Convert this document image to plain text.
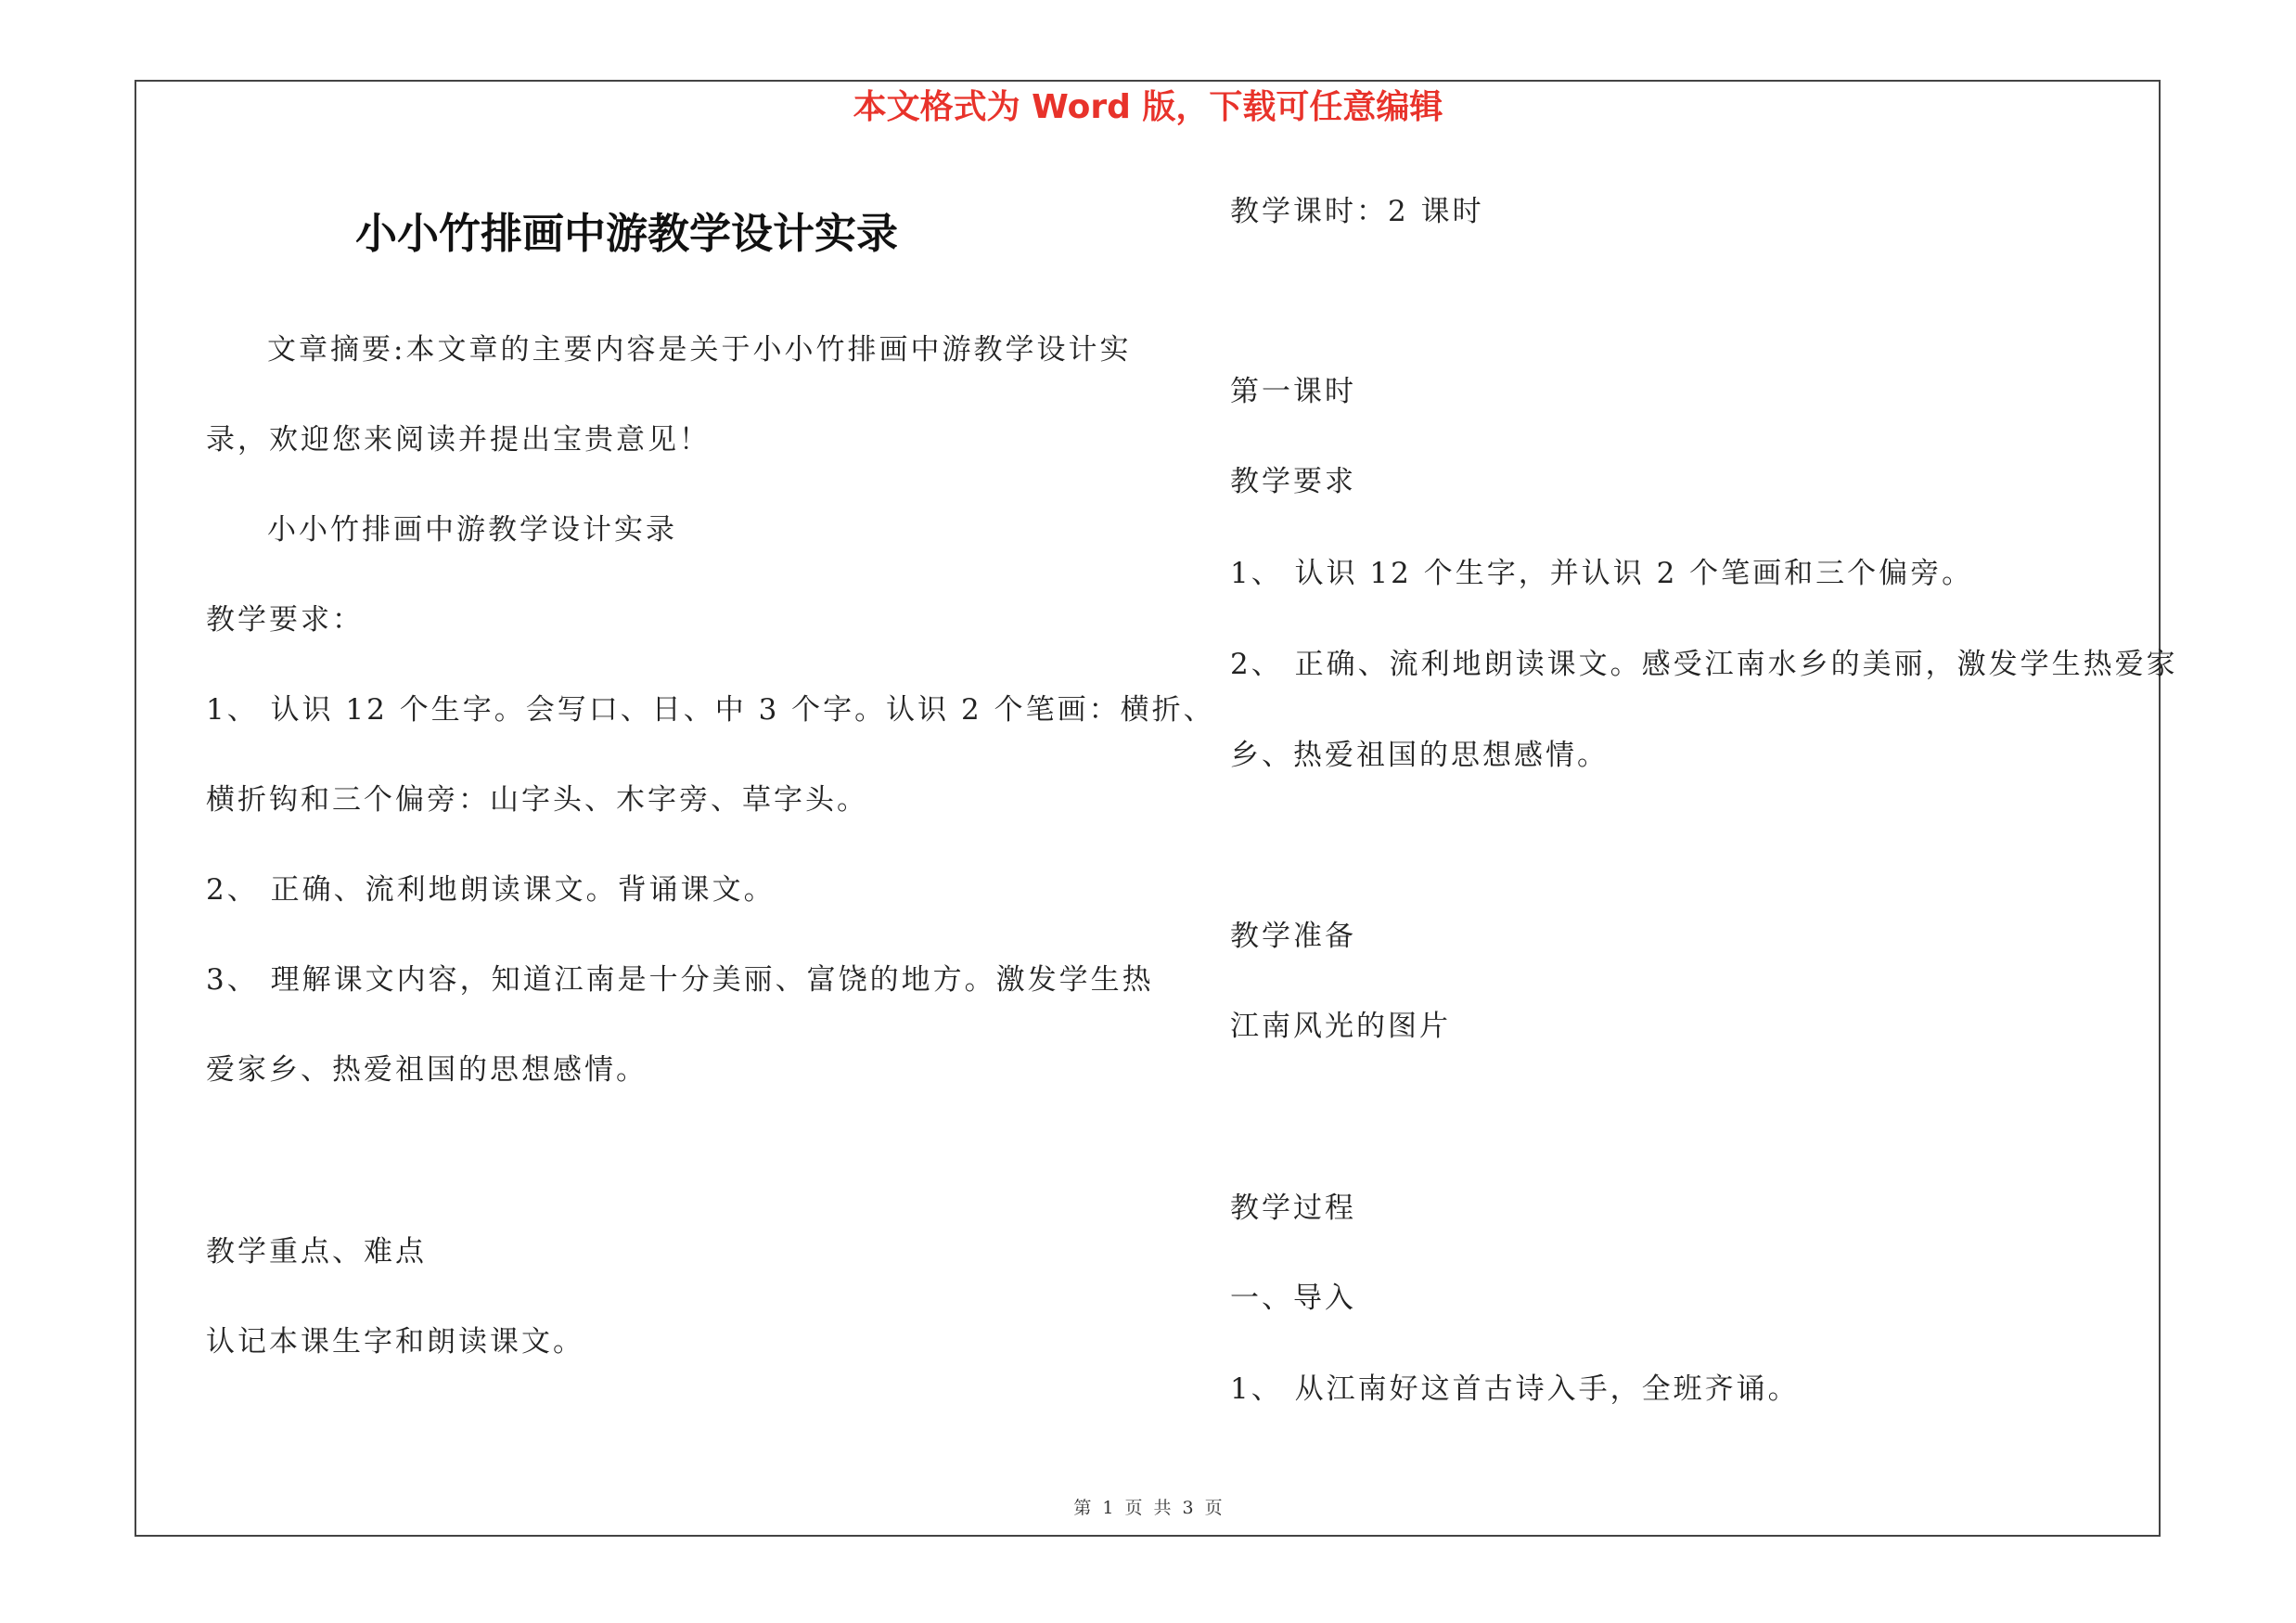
本文格式为 Word 版，下载可任意编辑
小小竹排画中游教学设计实录
文章摘要:本文章的主要内容是关于小小竹排画中游教学设计实
录，欢迎您来阅读并提出宝贵意见！
小小竹排画中游教学设计实录
教学要求：
1、 认识 12 个生字。会写口、日、中 3 个字。认识 2 个笔画：横折、
横折钩和三个偏旁：山字头、木字旁、草字头。
2、 正确、流利地朗读课文。背诵课文。
3、 理解课文内容，知道江南是十分美丽、富饶的地方。激发学生热
爱家乡、热爱祖国的思想感情。
教学重点、难点
认记本课生字和朗读课文。
教学课时：2 课时
第一课时
教学要求
1、 认识 12 个生字，并认识 2 个笔画和三个偏旁。
2、 正确、流利地朗读课文。感受江南水乡的美丽，激发学生热爱家
乡、热爱祖国的思想感情。
教学准备
江南风光的图片
教学过程
一、导入
1、 从江南好这首古诗入手，全班齐诵。
第 1 页 共 3 页
